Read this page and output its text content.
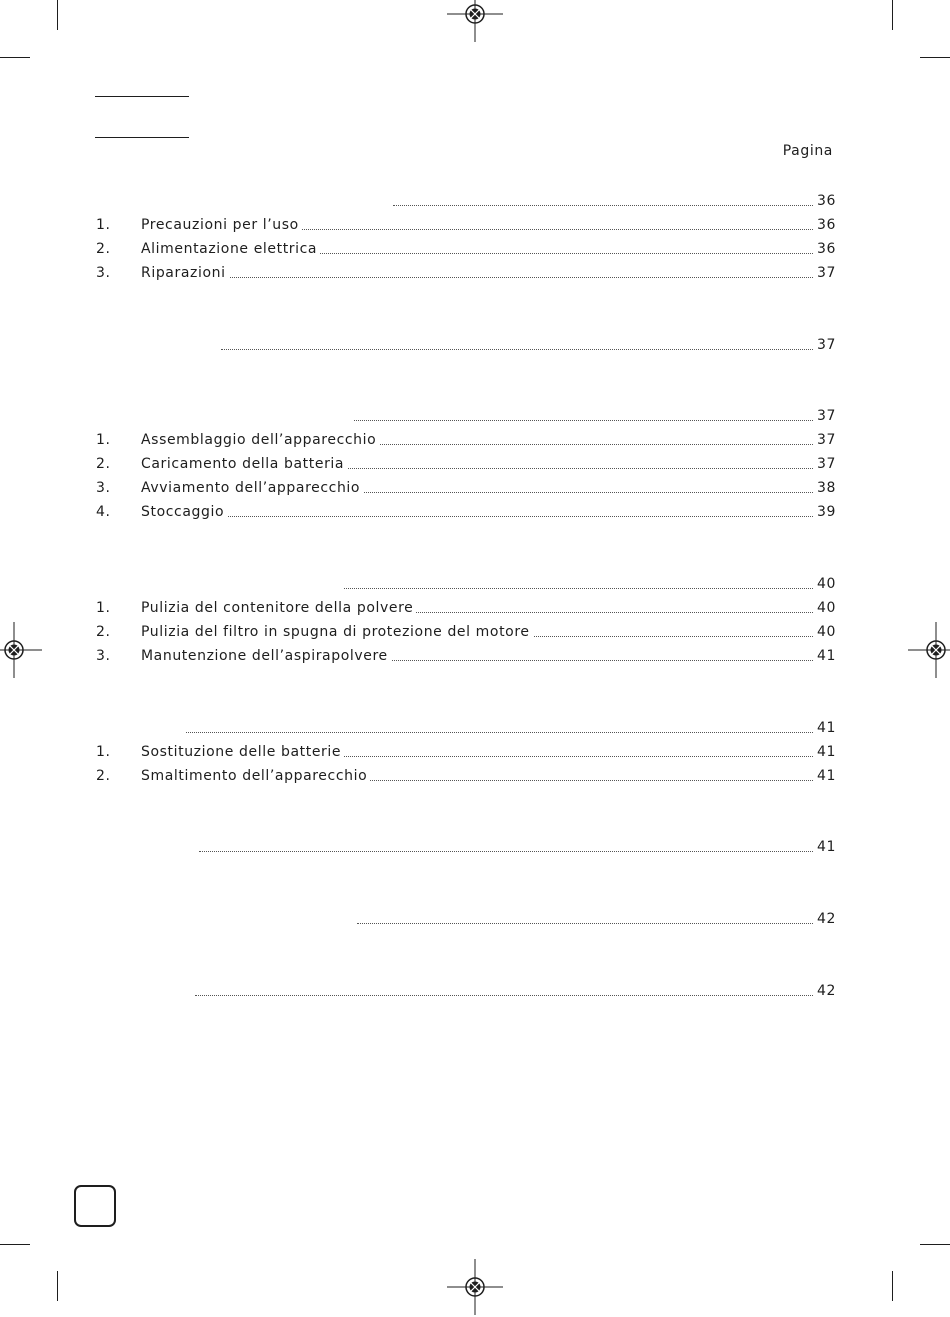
Pagina
36
1. Precauzioni per l’uso	36
2. Alimentazione elettrica	36
3. Riparazioni	37
37
37
1. Assemblaggio dell’apparecchio	37
2. Caricamento della batteria	37
3. Avviamento dell’apparecchio	38
4. Stoccaggio	39
40
1. Pulizia del contenitore della polvere	40
2. Pulizia del filtro in spugna di protezione del motore	40
3. Manutenzione dell’aspirapolvere	41
41
1. Sostituzione delle batterie	41
2. Smaltimento dell’apparecchio	41
41
42
42
